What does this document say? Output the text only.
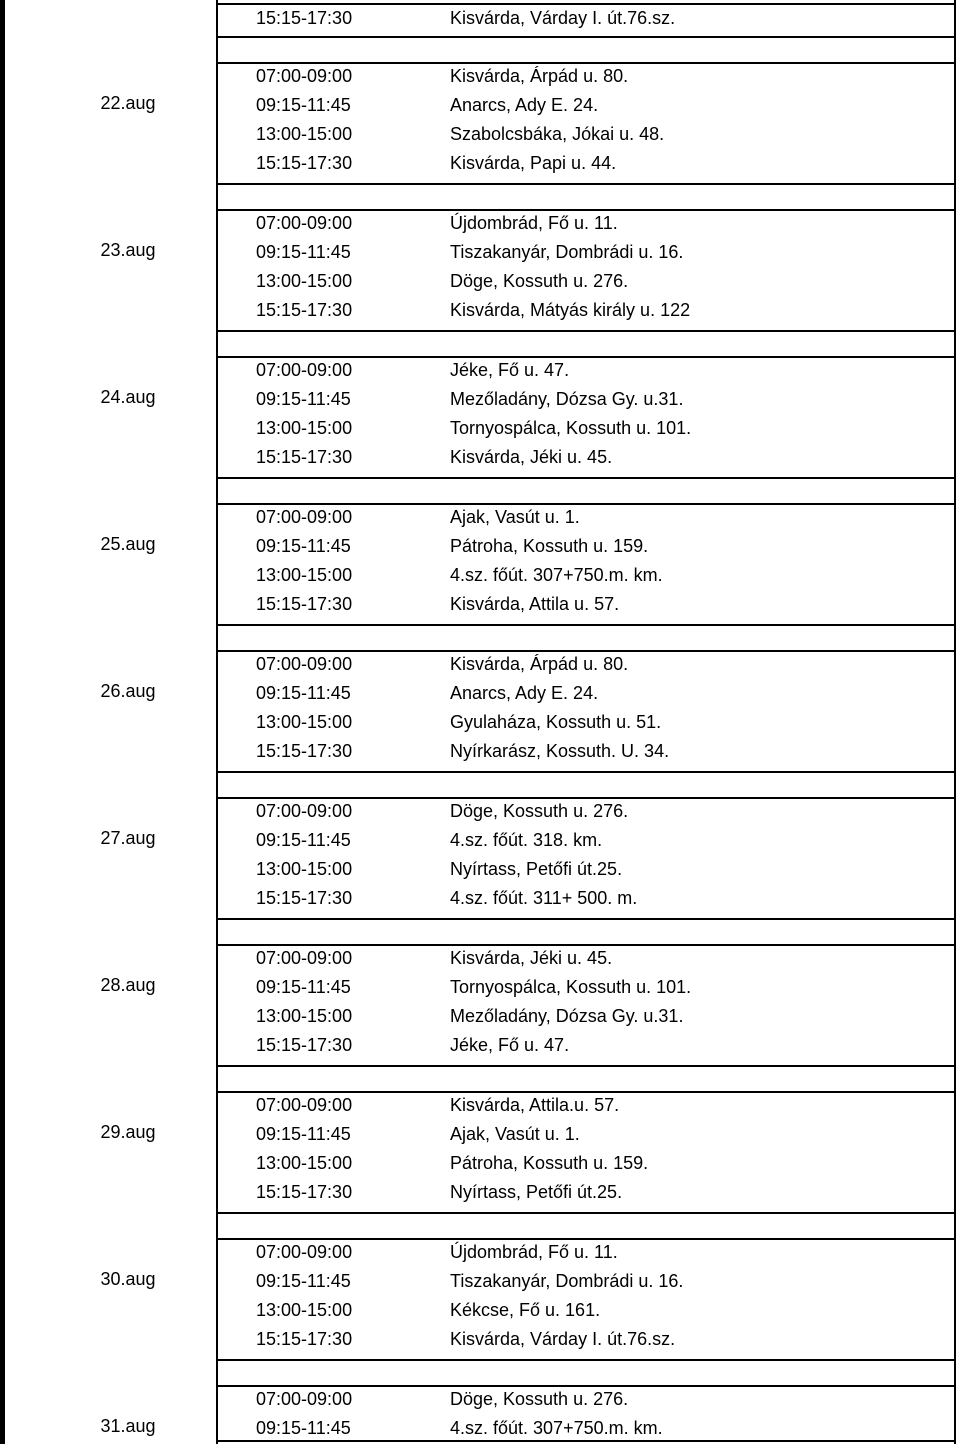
15:15-17:30	Kisvárda, Várday I. út.76.sz.
22.aug
07:00-09:00	Kisvárda, Árpád u. 80.
09:15-11:45	Anarcs, Ady E. 24.
13:00-15:00	Szabolcsbáka, Jókai u. 48.
15:15-17:30	Kisvárda, Papi u. 44.
23.aug
07:00-09:00	Újdombrád, Fő u. 11.
09:15-11:45	Tiszakanyár, Dombrádi u. 16.
13:00-15:00	Döge, Kossuth u. 276.
15:15-17:30	Kisvárda, Mátyás király u. 122
24.aug
07:00-09:00	Jéke, Fő u. 47.
09:15-11:45	Mezőladány, Dózsa Gy. u.31.
13:00-15:00	Tornyospálca, Kossuth u. 101.
15:15-17:30	Kisvárda, Jéki u. 45.
25.aug
07:00-09:00	Ajak, Vasút u. 1.
09:15-11:45	Pátroha, Kossuth u. 159.
13:00-15:00	4.sz. főút. 307+750.m. km.
15:15-17:30	Kisvárda, Attila u. 57.
26.aug
07:00-09:00	Kisvárda, Árpád u. 80.
09:15-11:45	Anarcs, Ady E. 24.
13:00-15:00	Gyulaháza, Kossuth u. 51.
15:15-17:30	Nyírkarász, Kossuth. U. 34.
27.aug
07:00-09:00	Döge, Kossuth u. 276.
09:15-11:45	4.sz. főút. 318. km.
13:00-15:00	Nyírtass, Petőfi út.25.
15:15-17:30	4.sz. főút. 311+ 500. m.
28.aug
07:00-09:00	Kisvárda, Jéki u. 45.
09:15-11:45	Tornyospálca, Kossuth u. 101.
13:00-15:00	Mezőladány, Dózsa Gy. u.31.
15:15-17:30	Jéke, Fő u. 47.
29.aug
07:00-09:00	Kisvárda, Attila.u. 57.
09:15-11:45	Ajak, Vasút u. 1.
13:00-15:00	Pátroha, Kossuth u. 159.
15:15-17:30	Nyírtass, Petőfi út.25.
30.aug
07:00-09:00	Újdombrád, Fő u. 11.
09:15-11:45	Tiszakanyár, Dombrádi u. 16.
13:00-15:00	Kékcse, Fő u. 161.
15:15-17:30	Kisvárda, Várday I. út.76.sz.
31.aug
07:00-09:00	Döge, Kossuth u. 276.
09:15-11:45	4.sz. főút. 307+750.m. km.
